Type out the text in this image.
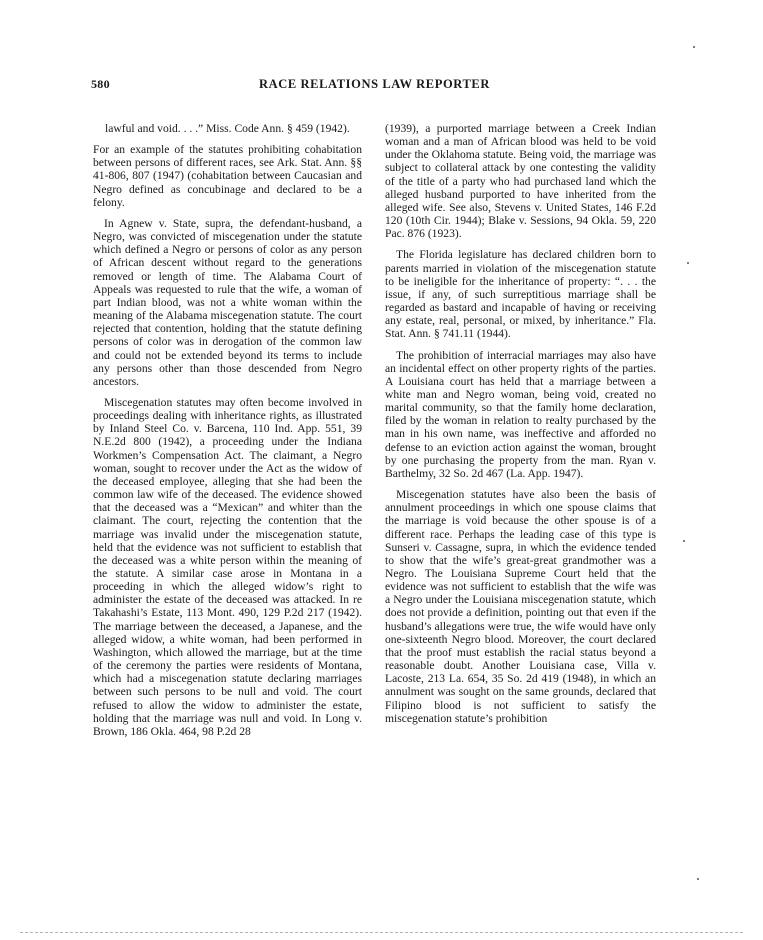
580	RACE RELATIONS LAW REPORTER

lawful and void. . . .” Miss. Code Ann. § 459 (1942).

For an example of the statutes prohibiting cohabitation between persons of different races, see Ark. Stat. Ann. §§ 41-806, 807 (1947) (cohabitation between Caucasian and Negro defined as concubinage and declared to be a felony.

In Agnew v. State, supra, the defendant-husband, a Negro, was convicted of miscegenation under the statute which defined a Negro or persons of color as any person of African descent without regard to the generations removed or length of time. The Alabama Court of Appeals was requested to rule that the wife, a woman of part Indian blood, was not a white woman within the meaning of the Alabama miscegenation statute. The court rejected that contention, holding that the statute defining persons of color was in derogation of the common law and could not be extended beyond its terms to include any persons other than those descended from Negro ancestors.

Miscegenation statutes may often become involved in proceedings dealing with inheritance rights, as illustrated by Inland Steel Co. v. Barcena, 110 Ind. App. 551, 39 N.E.2d 800 (1942), a proceeding under the Indiana Workmen’s Compensation Act. The claimant, a Negro woman, sought to recover under the Act as the widow of the deceased employee, alleging that she had been the common law wife of the deceased. The evidence showed that the deceased was a “Mexican” and whiter than the claimant. The court, rejecting the contention that the marriage was invalid under the miscegenation statute, held that the evidence was not sufficient to establish that the deceased was a white person within the meaning of the statute. A similar case arose in Montana in a proceeding in which the alleged widow’s right to administer the estate of the deceased was attacked. In re Takahashi’s Estate, 113 Mont. 490, 129 P.2d 217 (1942). The marriage between the deceased, a Japanese, and the alleged widow, a white woman, had been performed in Washington, which allowed the marriage, but at the time of the ceremony the parties were residents of Montana, which had a miscegenation statute declaring marriages between such persons to be null and void. The court refused to allow the widow to administer the estate, holding that the marriage was null and void. In Long v. Brown, 186 Okla. 464, 98 P.2d 28

(1939), a purported marriage between a Creek Indian woman and a man of African blood was held to be void under the Oklahoma statute. Being void, the marriage was subject to collateral attack by one contesting the validity of the title of a party who had purchased land which the alleged husband purported to have inherited from the alleged wife. See also, Stevens v. United States, 146 F.2d 120 (10th Cir. 1944); Blake v. Sessions, 94 Okla. 59, 220 Pac. 876 (1923).

The Florida legislature has declared children born to parents married in violation of the miscegenation statute to be ineligible for the inheritance of property: “. . . the issue, if any, of such surreptitious marriage shall be regarded as bastard and incapable of having or receiving any estate, real, personal, or mixed, by inheritance.” Fla. Stat. Ann. § 741.11 (1944).

The prohibition of interracial marriages may also have an incidental effect on other property rights of the parties. A Louisiana court has held that a marriage between a white man and Negro woman, being void, created no marital community, so that the family home declaration, filed by the woman in relation to realty purchased by the man in his own name, was ineffective and afforded no defense to an eviction action against the woman, brought by one purchasing the property from the man. Ryan v. Barthelmy, 32 So. 2d 467 (La. App. 1947).

Miscegenation statutes have also been the basis of annulment proceedings in which one spouse claims that the marriage is void because the other spouse is of a different race. Perhaps the leading case of this type is Sunseri v. Cassagne, supra, in which the evidence tended to show that the wife’s great-great grandmother was a Negro. The Louisiana Supreme Court held that the evidence was not sufficient to establish that the wife was a Negro under the Louisiana miscegenation statute, which does not provide a definition, pointing out that even if the husband’s allegations were true, the wife would have only one-sixteenth Negro blood. Moreover, the court declared that the proof must establish the racial status beyond a reasonable doubt. Another Louisiana case, Villa v. Lacoste, 213 La. 654, 35 So. 2d 419 (1948), in which an annulment was sought on the same grounds, declared that Filipino blood is not sufficient to satisfy the miscegenation statute’s prohibition
